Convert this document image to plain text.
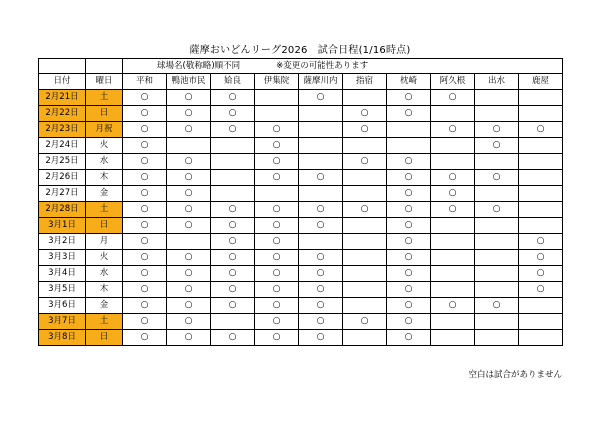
薩摩おいどんリーグ2026　試合日程(1/16時点)
		球場名(敬称略)順不同 ※変更の可能性あります									
日付	曜日	平和	鴨池市民	姶良	伊集院	薩摩川内	指宿	枕崎	阿久根	出水	鹿屋
2月21日	土	○	○	○		○		○	○		
2月22日	日	○	○	○			○	○			
2月23日	月祝	○	○	○	○		○		○	○	○
2月24日	火	○			○					○	
2月25日	水	○	○		○		○	○			
2月26日	木	○	○		○	○		○	○	○	
2月27日	金	○	○					○	○		
2月28日	土	○	○	○	○	○	○	○	○	○	
3月1日	日	○	○	○	○	○		○			
3月2日	月	○		○	○			○			○
3月3日	火	○	○	○	○	○		○			○
3月4日	水	○	○	○	○	○		○			○
3月5日	木	○	○	○	○	○		○			○
3月6日	金	○	○	○	○	○		○	○	○	
3月7日	土	○	○		○	○	○	○			
3月8日	日	○	○	○	○	○		○			
空白は試合がありません
